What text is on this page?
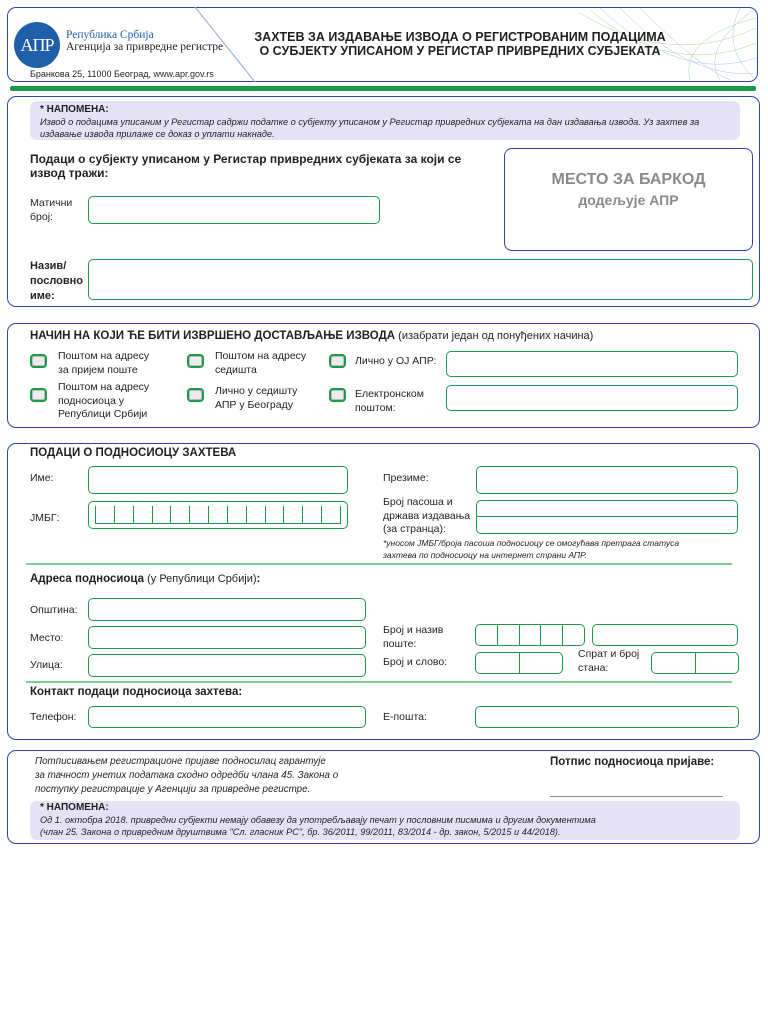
АПР	Република Србија
Агенција за привредне регистре
Бранкова 25, 11000 Београд, www.apr.gov.rs
ЗАХТЕВ ЗА ИЗДАВАЊЕ ИЗВОДА О РЕГИСТРОВАНИМ ПОДАЦИМА
О СУБЈЕКТУ УПИСАНОМ У РЕГИСТАР ПРИВРЕДНИХ СУБЈЕКАТА
* НАПОМЕНА:
Извод о подацима уписаним у Регистар садржи податке о субјекту уписаном у Регистар привредних субјеката на дан издавања извода. Уз захтев за издавање извода прилаже се доказ о уплати накнаде.
Подаци о субјекту уписаном у Регистар привредних субјеката за који се
извод тражи:
Матични
број:
Назив/
пословно
име:
МЕСТО ЗА БАРКОД
додељује АПР
НАЧИН НА КОЈИ ЋЕ БИТИ ИЗВРШЕНО ДОСТАВЉАЊЕ ИЗВОДА (изабрати један од понуђених начина)
Поштом на адресу
за пријем поште
Поштом на адресу
подносиоца у
Републици Србији
Поштом на адресу
седишта
Лично у седишту
АПР у Београду
Лично у ОЈ АПР:
Електронском
поштом:
ПОДАЦИ О ПОДНОСИОЦУ ЗАХТЕВА
Име:	Презиме:
ЈМБГ:
Број пасоша и
држава издавања
(за странца):
*уносом ЈМБГ/броја пасоша подносиоцу се омогућава претрага статуса
захтева по подносиоцу на интернет страни АПР.
Адреса подносиоца (у Републици Србији):
Општина:
Место:
Улица:
Број и назив
поште:
Број и слово:
Спрат и број
стана:
Контакт подаци подносиоца захтева:
Телефон:	Е-пошта:
Потписивањем регистрационе пријаве подносилац гарантује
за тачност унетих података сходно одредби члана 45. Закона о
поступку регистрације у Агенцији за привредне регистре.
Потпис подносиоца пријаве:
* НАПОМЕНА:
Од 1. октобра 2018. привредни субјекти немају обавезу да употребљавају печат у пословним писмима и другим документима
(члан 25. Закона о привредним друштвима "Сл. гласник РС", бр. 36/2011, 99/2011, 83/2014 - др. закон, 5/2015 и 44/2018).
